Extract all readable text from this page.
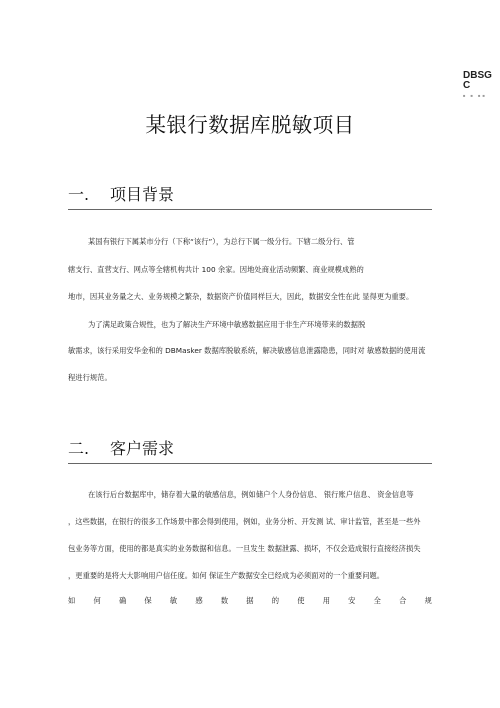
DBSG
C
■ ■ ■■
某银行数据库脱敏项目
一. 项目背景

某国有银行下属某市分行（下称“该行”），为总行下属一级分行。下辖二级分行、管

辖支行、直营支行、网点等全辖机构共计 100 余家。因地处商业活动频繁、商业规模成熟的

地市，因其业务量之大、业务规模之繁杂，数据资产价值同样巨大，因此，数据安全性在此 显得更为重要。

为了满足政策合规性，也为了解决生产环境中敏感数据应用于非生产环境带来的数据脱

敏需求，该行采用安华金和的 DBMasker 数据库脱敏系统，解决敏感信息泄露隐患，同时对 敏感数据的使用流

程进行规范。

二. 客户需求

在该行后台数据库中，储存着大量的敏感信息，例如储户个人身份信息、 银行账户信息、 资金信息等

，这些数据，在银行的很多工作场景中都会得到使用，例如，业务分析、开发测 试、审计监管，甚至是一些外

包业务等方面，使用的都是真实的业务数据和信息。一旦发生 数据泄露、损坏，不仅会造成银行直接经济损失

，更重要的是将大大影响用户信任度。如何 保证生产数据安全已经成为必须面对的一个重要问题。

如 何 确 保 敏 感 数 据 的 使 用 安 全 合 规
